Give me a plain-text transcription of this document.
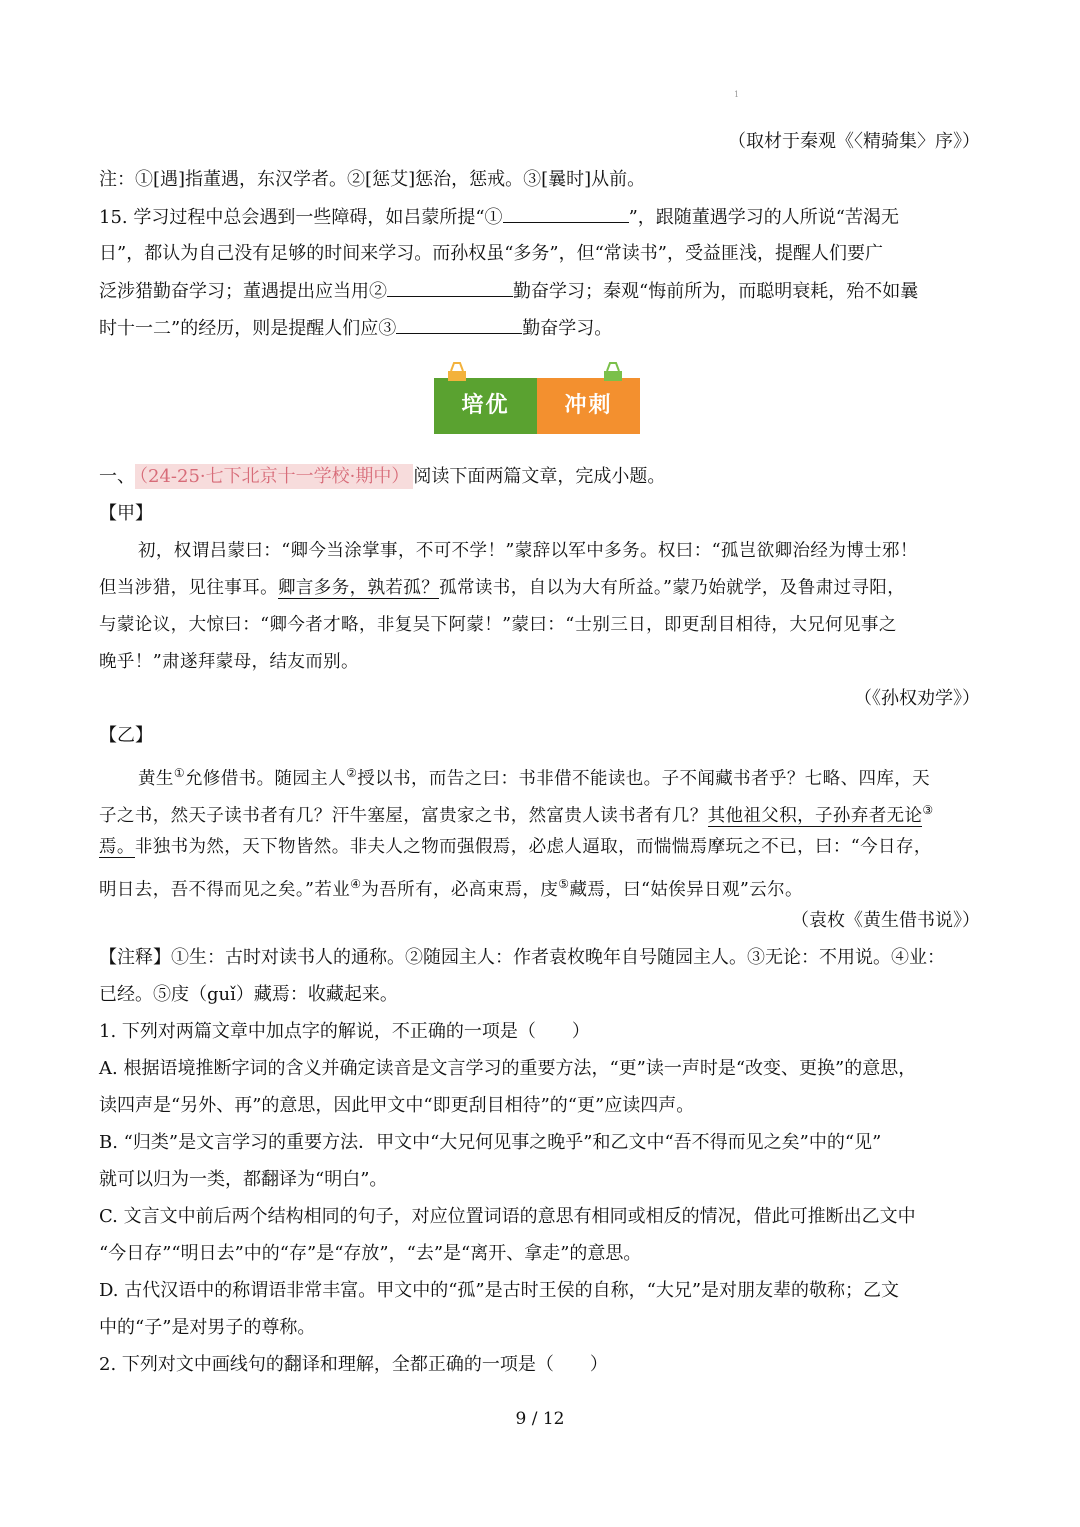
1
（取材于秦观《〈精骑集〉序》）
注：①[遇]指董遇，东汉学者。②[惩艾]惩治，惩戒。③[曩时]从前。
15. 学习过程中总会遇到一些障碍，如吕蒙所提“①	”，跟随董遇学习的人所说“苦渴无
日”，都认为自己没有足够的时间来学习。而孙权虽“多务”，但“常读书”，受益匪浅，提醒人们要广
泛涉猎勤奋学习；董遇提出应当用②	勤奋学习；秦观“悔前所为，而聪明衰耗，殆不如曩
时十一二”的经历，则是提醒人们应③	勤奋学习。
培优	冲刺
一、 （24-25·七下北京十一学校·期中） 阅读下面两篇文章，完成小题。
【甲】
初，权谓吕蒙曰：“卿今当涂掌事，不可不学！”蒙辞以军中多务。权曰：“孤岂欲卿治经为博士邪！
但当涉猎，见往事耳。卿言多务，孰若孤？孤常读书，自以为大有所益。”蒙乃始就学，及鲁肃过寻阳，
与蒙论议，大惊曰：“卿今者才略，非复吴下阿蒙！”蒙曰：“士别三日，即更刮目相待，大兄何见事之
晚乎！”肃遂拜蒙母，结友而别。
（《孙权劝学》）
【乙】
黄生①允修借书。随园主人②授以书，而告之曰：书非借不能读也。子不闻藏书者乎？七略、四库，天
子之书，然天子读书者有几？汗牛塞屋，富贵家之书，然富贵人读书者有几？其他祖父积，子孙弃者无论③
焉。非独书为然，天下物皆然。非夫人之物而强假焉，必虑人逼取，而惴惴焉摩玩之不已，曰：“今日存，
明日去，吾不得而见之矣。”若业④为吾所有，必高束焉，庋⑤藏焉，曰“姑俟异日观”云尔。
（袁枚《黄生借书说》）
【注释】①生：古时对读书人的通称。②随园主人：作者袁枚晚年自号随园主人。③无论：不用说。④业：
已经。⑤庋（guǐ）藏焉：收藏起来。
1. 下列对两篇文章中加点字的解说，不正确的一项是（　　）
A. 根据语境推断字词的含义并确定读音是文言学习的重要方法，“更”读一声时是“改变、更换”的意思，
读四声是“另外、再”的意思，因此甲文中“即更刮目相待”的“更”应读四声。
B. “归类”是文言学习的重要方法．甲文中“大兄何见事之晚乎”和乙文中“吾不得而见之矣”中的“见”
就可以归为一类，都翻译为“明白”。
C. 文言文中前后两个结构相同的句子，对应位置词语的意思有相同或相反的情况，借此可推断出乙文中
“今日存”“明日去”中的“存”是“存放”，“去”是“离开、拿走”的意思。
D. 古代汉语中的称谓语非常丰富。甲文中的“孤”是古时王侯的自称，“大兄”是对朋友辈的敬称；乙文
中的“子”是对男子的尊称。
2. 下列对文中画线句的翻译和理解，全都正确的一项是（　　）
9 / 12
